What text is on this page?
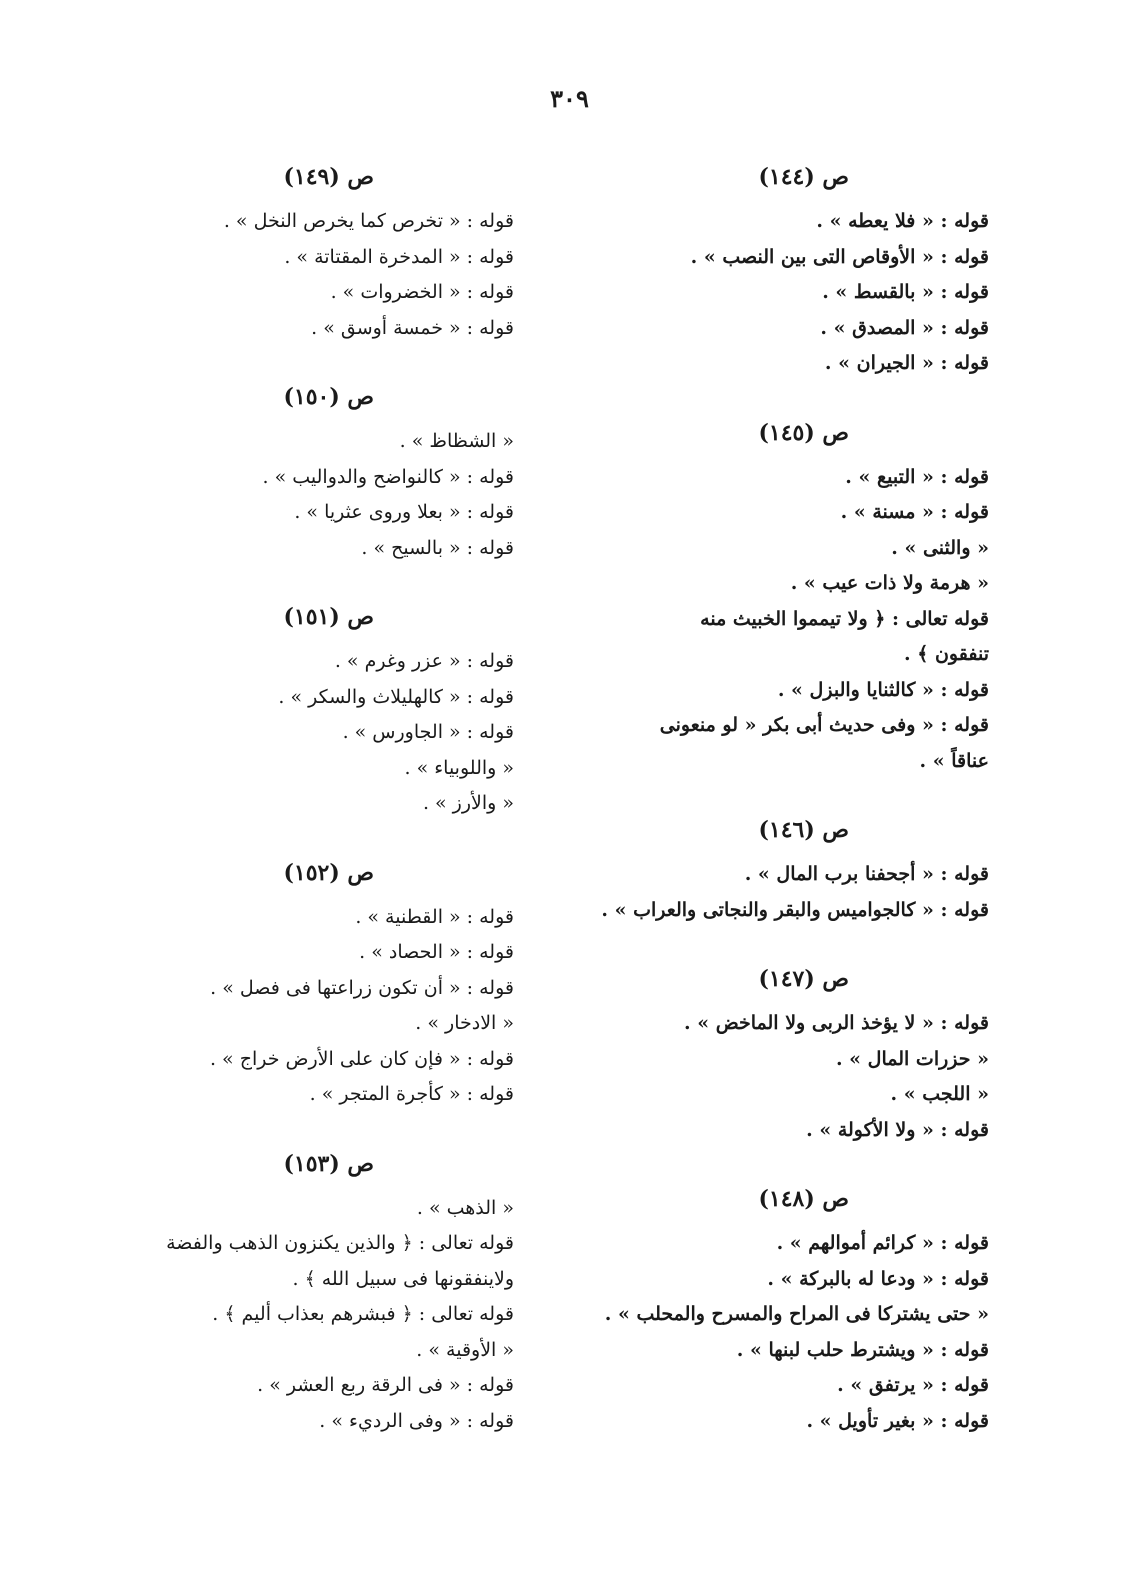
٣٠٩
ص (١٤٤)
قوله : « فلا يعطه » .
قوله : « الأوقاص التى بين النصب » .
قوله : « بالقسط » .
قوله : « المصدق » .
قوله : « الجيران » .
ص (١٤٥)
قوله : « التبيع » .
قوله : « مسنة » .
« والثنى » .
« هرمة ولا ذات عيب » .
قوله تعالى : ﴿ ولا تيمموا الخبيث منه
تنفقون ﴾ .
قوله : « كالثنايا والبزل » .
قوله : « وفى حديث أبى بكر « لو منعونى
عناقاً » .
ص (١٤٦)
قوله : « أجحفنا برب المال » .
قوله : « كالجواميس والبقر والنجاتى والعراب » .
ص (١٤٧)
قوله : « لا يؤخذ الربى ولا الماخض » .
« حزرات المال » .
« اللجب » .
قوله : « ولا الأكولة » .
ص (١٤٨)
قوله : « كرائم أموالهم » .
قوله : « ودعا له بالبركة » .
« حتى يشتركا فى المراح والمسرح والمحلب » .
قوله : « ويشترط حلب لبنها » .
قوله : « يرتفق » .
قوله : « بغير تأويل » .
ص (١٤٩)
قوله : « تخرص كما يخرص النخل » .
قوله : « المدخرة المقتاتة » .
قوله : « الخضروات » .
قوله : « خمسة أوسق » .
ص (١٥٠)
« الشظاظ » .
قوله : « كالنواضح والدواليب » .
قوله : « بعلا وروى عثريا » .
قوله : « بالسيح » .
ص (١٥١)
قوله : « عزر وغرم » .
قوله : « كالهليلاث والسكر » .
قوله : « الجاورس » .
« واللوبياء » .
« والأرز » .
ص (١٥٢)
قوله : « القطنية » .
قوله : « الحصاد » .
قوله : « أن تكون زراعتها فى فصل » .
« الادخار » .
قوله : « فإن كان على الأرض خراج » .
قوله : « كأجرة المتجر » .
ص (١٥٣)
« الذهب » .
قوله تعالى : ﴿ والذين يكنزون الذهب والفضة
ولاينفقونها فى سبيل الله ﴾ .
قوله تعالى : ﴿ فبشرهم بعذاب أليم ﴾ .
« الأوقية » .
قوله : « فى الرقة ربع العشر » .
قوله : « وفى الرديء » .
